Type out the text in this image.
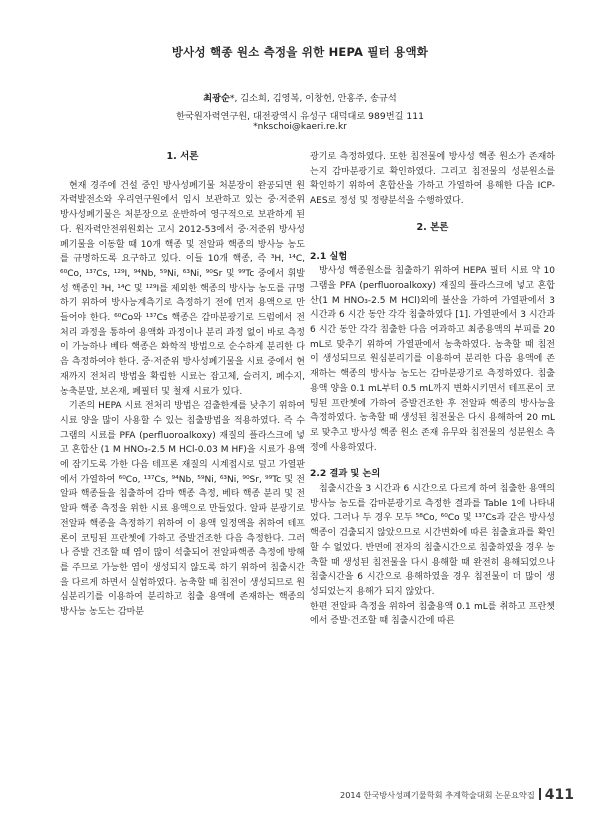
방사성 핵종 원소 측정을 위한 HEPA 필터 용액화
최광순*, 김소희, 김영복, 이창헌, 안홍주, 송규석
한국원자력연구원, 대전광역시 유성구 대덕대로 989번길 111
*nkschoi@kaeri.re.kr
1. 서론

현재 경주에 건설 중인 방사성폐기물 처분장이 완공되면 원자력발전소와 우리연구원에서 임시 보관하고 있는 중·저준위 방사성폐기물은 처분장으로 운반하여 영구적으로 보관하게 된다. 원자력안전위원회는 고시 2012-53에서 중·저준위 방사성폐기물을 이동할 때 10개 핵종 및 전알파 핵종의 방사능 농도를 규명하도록 요구하고 있다. 이들 10개 핵종, 즉 ³H, ¹⁴C, ⁶⁰Co, ¹³⁷Cs, ¹²⁹I, ⁹⁴Nb, ⁵⁹Ni, ⁶³Ni, ⁹⁰Sr 및 ⁹⁹Tc 중에서 휘발성 핵종인 ³H, ¹⁴C 및 ¹²⁹I를 제외한 핵종의 방사능 농도를 규명하기 위하여 방사능계측기로 측정하기 전에 먼저 용액으로 만들어야 한다. ⁶⁰Co와 ¹³⁷Cs 핵종은 감마분광기로 드럼에서 전처리 과정을 통하여 용액화 과정이나 분리 과정 없이 바로 측정이 가능하나 베타 핵종은 화학적 방법으로 순수하게 분리한 다음 측정하여야 한다. 중·저준위 방사성폐기물을 시료 중에서 현재까지 전처리 방법을 확립한 시료는 잡고체, 슬러지, 폐수지, 농축분말, 보온재, 폐필터 및 철재 시료가 있다.

기존의 HEPA 시료 전처리 방법은 검출한계를 낮추기 위하여 시료 양을 많이 사용할 수 있는 침출방법을 적용하였다. 즉 수 그램의 시료를 PFA (perfluoroalkoxy) 재질의 플라스크에 넣고 혼합산 (1 M HNO₃-2.5 M HCl-0.03 M HF)을 시료가 용액에 잠기도록 가한 다음 테프론 재질의 시계접시로 덮고 가열판에서 가열하여 ⁶⁰Co, ¹³⁷Cs, ⁹⁴Nb, ⁵⁹Ni, ⁶³Ni, ⁹⁰Sr, ⁹⁹Tc 및 전알파 핵종들을 침출하여 감마 핵종 측정, 베타 핵종 분리 및 전알파 핵종 측정을 위한 시료 용액으로 만들었다. 알파 분광기로 전알파 핵종을 측정하기 위하여 이 용액 일정액을 취하여 테프론이 코팅된 프란쳇에 가하고 증발건조한 다음 측정한다. 그러나 증발 건조할 때 염이 많이 석출되어 전알파핵종 측정에 방해를 주므로 가능한 염이 생성되지 않도록 하기 위하여 침출시간을 다르게 하면서 실험하였다. 농축할 때 침전이 생성되므로 원심분리기를 이용하여 분리하고 침출 용액에 존재하는 핵종의 방사능 농도는 감마분

광기로 측정하였다. 또한 침전물에 방사성 핵종 원소가 존재하는지 감마분광기로 확인하였다. 그리고 침전물의 성분원소를 확인하기 위하여 혼합산을 가하고 가열하여 용해한 다음 ICP-AES로 정성 및 정량분석을 수행하였다.

2. 본론
2.1 실험

방사성 핵종원소를 침출하기 위하여 HEPA 필터 시료 약 10 그램을 PFA (perfluoroalkoxy) 재질의 플라스크에 넣고 혼합산(1 M HNO₃-2.5 M HCl)외에 불산을 가하여 가열판에서 3 시간과 6 시간 동안 각각 침출하였다 [1]. 가열판에서 3 시간과 6 시간 동안 각각 침출한 다음 여과하고 최종용액의 부피를 20 mL로 맞추기 위하여 가열판에서 농축하였다. 농축할 때 침전이 생성되므로 원심분리기를 이용하여 분리한 다음 용액에 존재하는 핵종의 방사능 농도는 감마분광기로 측정하였다. 침출 용액 양을 0.1 mL부터 0.5 mL까지 변화시키면서 테프론이 코팅된 프란쳇에 가하여 증발건조한 후 전알파 핵종의 방사능을 측정하였다. 농축할 때 생성된 침전물은 다시 용해하여 20 mL로 맞추고 방사성 핵종 원소 존재 유무와 침전물의 성분원소 측정에 사용하였다.

2.2 결과 및 논의

침출시간을 3 시간과 6 시간으로 다르게 하여 침출한 용액의 방사능 농도를 감마분광기로 측정한 결과를 Table 1에 나타내었다. 그러나 두 경우 모두 ⁵⁸Co, ⁶⁰Co 및 ¹³⁷Cs과 같은 방사성 핵종이 검출되지 않았으므로 시간변화에 따른 침출효과를 확인할 수 없었다. 반면에 전자의 침출시간으로 침출하였을 경우 농축할 때 생성된 침전물을 다시 용해할 때 완전히 용해되었으나 침출시간을 6 시간으로 용해하였을 경우 침전물이 더 많이 생성되었는지 용해가 되지 않았다.

한편 전알파 측정을 위하여 침출용액 0.1 mL를 취하고 프란쳇에서 증발·건조할 때 침출시간에 따른

2014 한국방사성폐기물학회 추계학술대회 논문요약집 411
